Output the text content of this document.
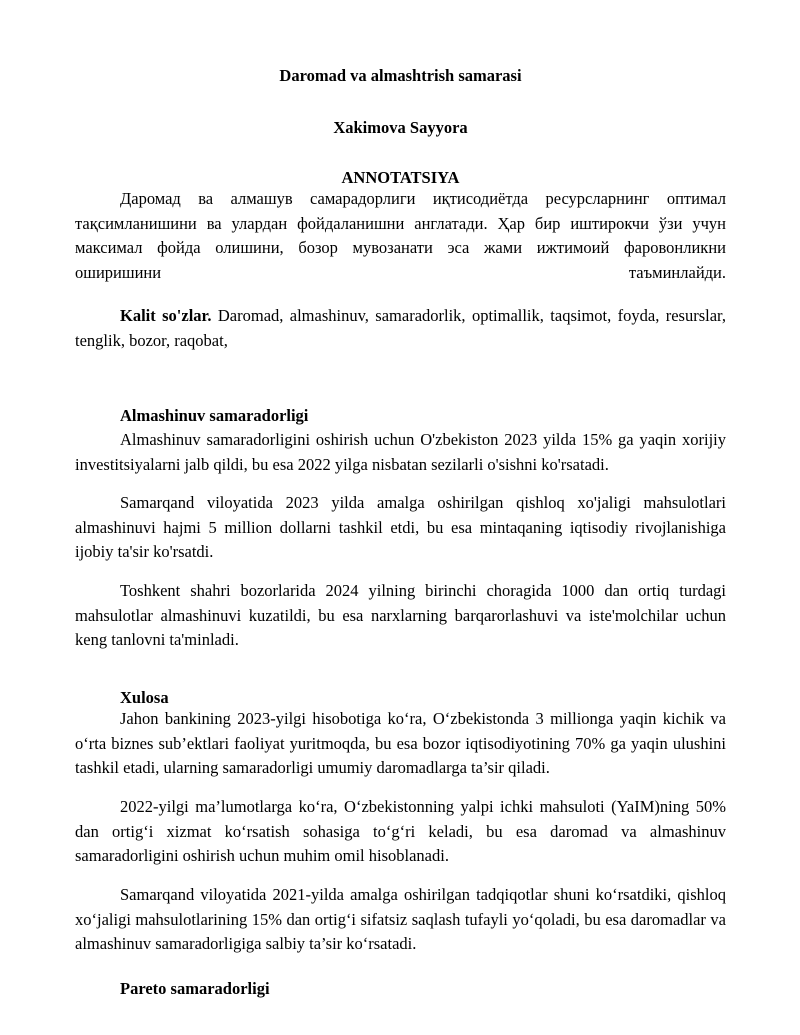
Daromad va almashtrish samarasi
Xakimova Sayyora
ANNOTATSIYA

Даромад ва алмашув самарадорлиги иқтисодиётда ресурсларнинг оптимал тақсимланишини ва улардан фойдаланишни англатади. Ҳар бир иштирокчи ўзи учун максимал фойда олишини, бозор мувозанати эса жами ижтимоий фаровонликни оширишини таъминлайди.

Kalit so'zlar. Daromad, almashinuv, samaradorlik, optimallik, taqsimot, foyda, resurslar, tenglik, bozor, raqobat,

Almashinuv samaradorligi

Almashinuv samaradorligini oshirish uchun O'zbekiston 2023 yilda 15% ga yaqin xorijiy investitsiyalarni jalb qildi, bu esa 2022 yilga nisbatan sezilarli o'sishni ko'rsatadi.

Samarqand viloyatida 2023 yilda amalga oshirilgan qishloq xo'jaligi mahsulotlari almashinuvi hajmi 5 million dollarni tashkil etdi, bu esa mintaqaning iqtisodiy rivojlanishiga ijobiy ta'sir ko'rsatdi.

Toshkent shahri bozorlarida 2024 yilning birinchi choragida 1000 dan ortiq turdagi mahsulotlar almashinuvi kuzatildi, bu esa narxlarning barqarorlashuvi va iste'molchilar uchun keng tanlovni ta'minladi.

Xulosa

Jahon bankining 2023-yilgi hisobotiga ko‘ra, O‘zbekistonda 3 millionga yaqin kichik va o‘rta biznes sub’ektlari faoliyat yuritmoqda, bu esa bozor iqtisodiyotining 70% ga yaqin ulushini tashkil etadi, ularning samaradorligi umumiy daromadlarga ta’sir qiladi.

2022-yilgi ma’lumotlarga ko‘ra, O‘zbekistonning yalpi ichki mahsuloti (YaIM)ning 50% dan ortig‘i xizmat ko‘rsatish sohasiga to‘g‘ri keladi, bu esa daromad va almashinuv samaradorligini oshirish uchun muhim omil hisoblanadi.

Samarqand viloyatida 2021-yilda amalga oshirilgan tadqiqotlar shuni ko‘rsatdiki, qishloq xo‘jaligi mahsulotlarining 15% dan ortig‘i sifatsiz saqlash tufayli yo‘qoladi, bu esa daromadlar va almashinuv samaradorligiga salbiy ta’sir ko‘rsatadi.

Pareto samaradorligi
